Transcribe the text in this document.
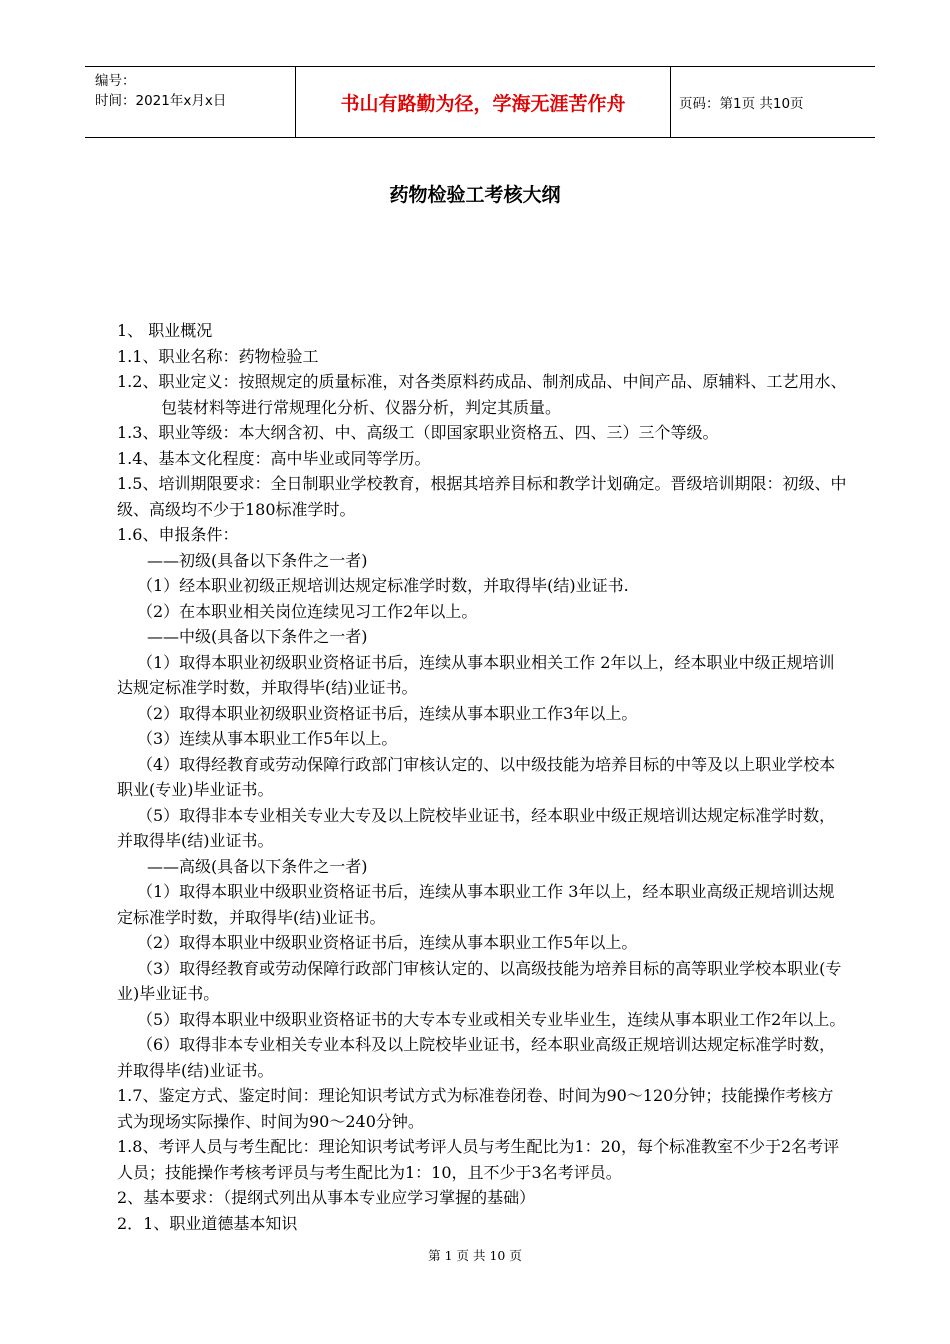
编号：
时间：2021年x月x日	书山有路勤为径，学海无涯苦作舟	页码：第1页 共10页
药物检验工考核大纲

1、 职业概况

1.1、职业名称：药物检验工

1.2、职业定义：按照规定的质量标准，对各类原料药成品、制剂成品、中间产品、原辅料、工艺用水、包装材料等进行常规理化分析、仪器分析，判定其质量。

1.3、职业等级：本大纲含初、中、高级工（即国家职业资格五、四、三）三个等级。

1.4、基本文化程度：高中毕业或同等学历。

1.5、培训期限要求：全日制职业学校教育，根据其培养目标和教学计划确定。晋级培训期限：初级、中级、高级均不少于180标准学时。

1.6、申报条件：

——初级(具备以下条件之一者)

（1）经本职业初级正规培训达规定标准学时数，并取得毕(结)业证书.

（2）在本职业相关岗位连续见习工作2年以上。

——中级(具备以下条件之一者)

（1）取得本职业初级职业资格证书后，连续从事本职业相关工作 2年以上，经本职业中级正规培训达规定标准学时数，并取得毕(结)业证书。

（2）取得本职业初级职业资格证书后，连续从事本职业工作3年以上。

（3）连续从事本职业工作5年以上。

（4）取得经教育或劳动保障行政部门审核认定的、以中级技能为培养目标的中等及以上职业学校本职业(专业)毕业证书。

（5）取得非本专业相关专业大专及以上院校毕业证书，经本职业中级正规培训达规定标准学时数，并取得毕(结)业证书。

——高级(具备以下条件之一者)

（1）取得本职业中级职业资格证书后，连续从事本职业工作 3年以上，经本职业高级正规培训达规定标准学时数，并取得毕(结)业证书。

（2）取得本职业中级职业资格证书后，连续从事本职业工作5年以上。

（3）取得经教育或劳动保障行政部门审核认定的、以高级技能为培养目标的高等职业学校本职业(专业)毕业证书。

（5）取得本职业中级职业资格证书的大专本专业或相关专业毕业生，连续从事本职业工作2年以上。

（6）取得非本专业相关专业本科及以上院校毕业证书，经本职业高级正规培训达规定标准学时数，并取得毕(结)业证书。

1.7、鉴定方式、鉴定时间：理论知识考试方式为标准卷闭卷、时间为90～120分钟；技能操作考核方式为现场实际操作、时间为90～240分钟。

1.8、考评人员与考生配比：理论知识考试考评人员与考生配比为1：20，每个标准教室不少于2名考评人员；技能操作考核考评员与考生配比为1：10，且不少于3名考评员。

2、基本要求：（提纲式列出从事本专业应学习掌握的基础）

2．1、职业道德基本知识

第 1 页 共 10 页
